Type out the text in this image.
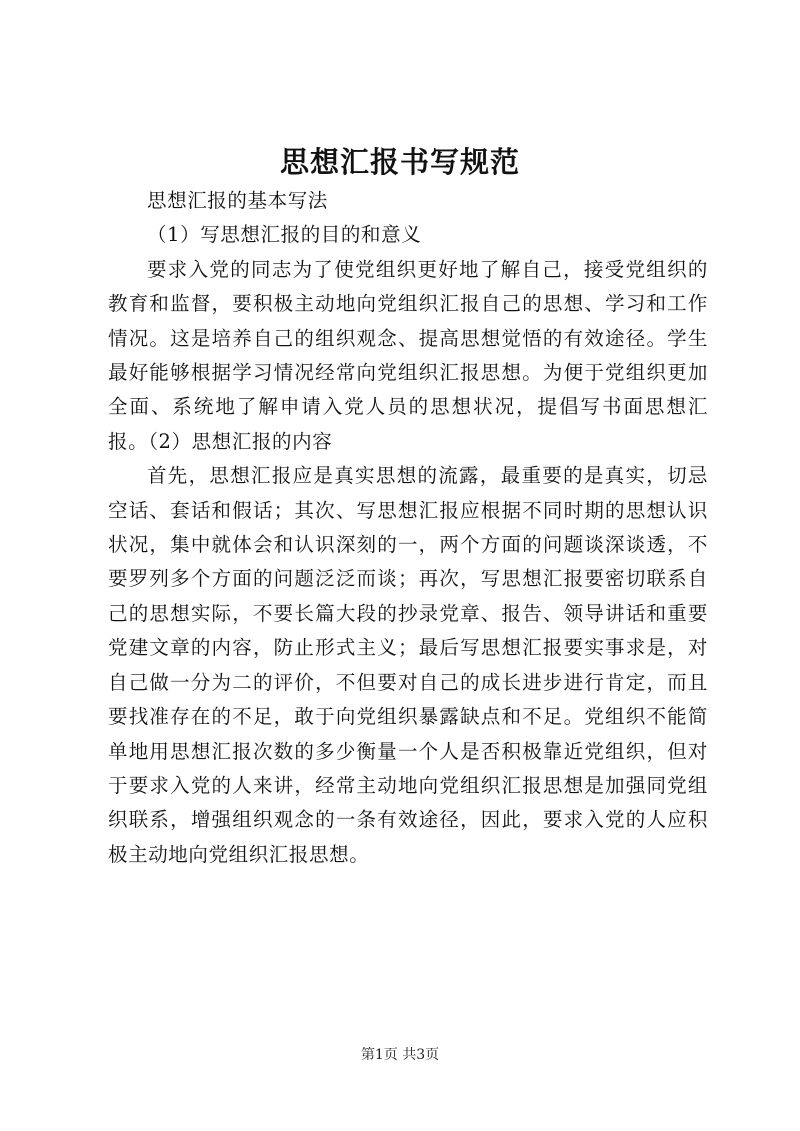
思想汇报书写规范

思想汇报的基本写法

（1）写思想汇报的目的和意义

要求入党的同志为了使党组织更好地了解自己，接受党组织的教育和监督，要积极主动地向党组织汇报自己的思想、学习和工作情况。这是培养自己的组织观念、提高思想觉悟的有效途径。学生最好能够根据学习情况经常向党组织汇报思想。为便于党组织更加全面、系统地了解申请入党人员的思想状况，提倡写书面思想汇报。（2）思想汇报的内容

首先，思想汇报应是真实思想的流露，最重要的是真实，切忌空话、套话和假话；其次、写思想汇报应根据不同时期的思想认识状况，集中就体会和认识深刻的一，两个方面的问题谈深谈透，不要罗列多个方面的问题泛泛而谈；再次，写思想汇报要密切联系自己的思想实际，不要长篇大段的抄录党章、报告、领导讲话和重要党建文章的内容，防止形式主义；最后写思想汇报要实事求是，对自己做一分为二的评价，不但要对自己的成长进步进行肯定，而且要找准存在的不足，敢于向党组织暴露缺点和不足。党组织不能简单地用思想汇报次数的多少衡量一个人是否积极靠近党组织，但对于要求入党的人来讲，经常主动地向党组织汇报思想是加强同党组织联系，增强组织观念的一条有效途径，因此，要求入党的人应积极主动地向党组织汇报思想。

第1页 共3页
